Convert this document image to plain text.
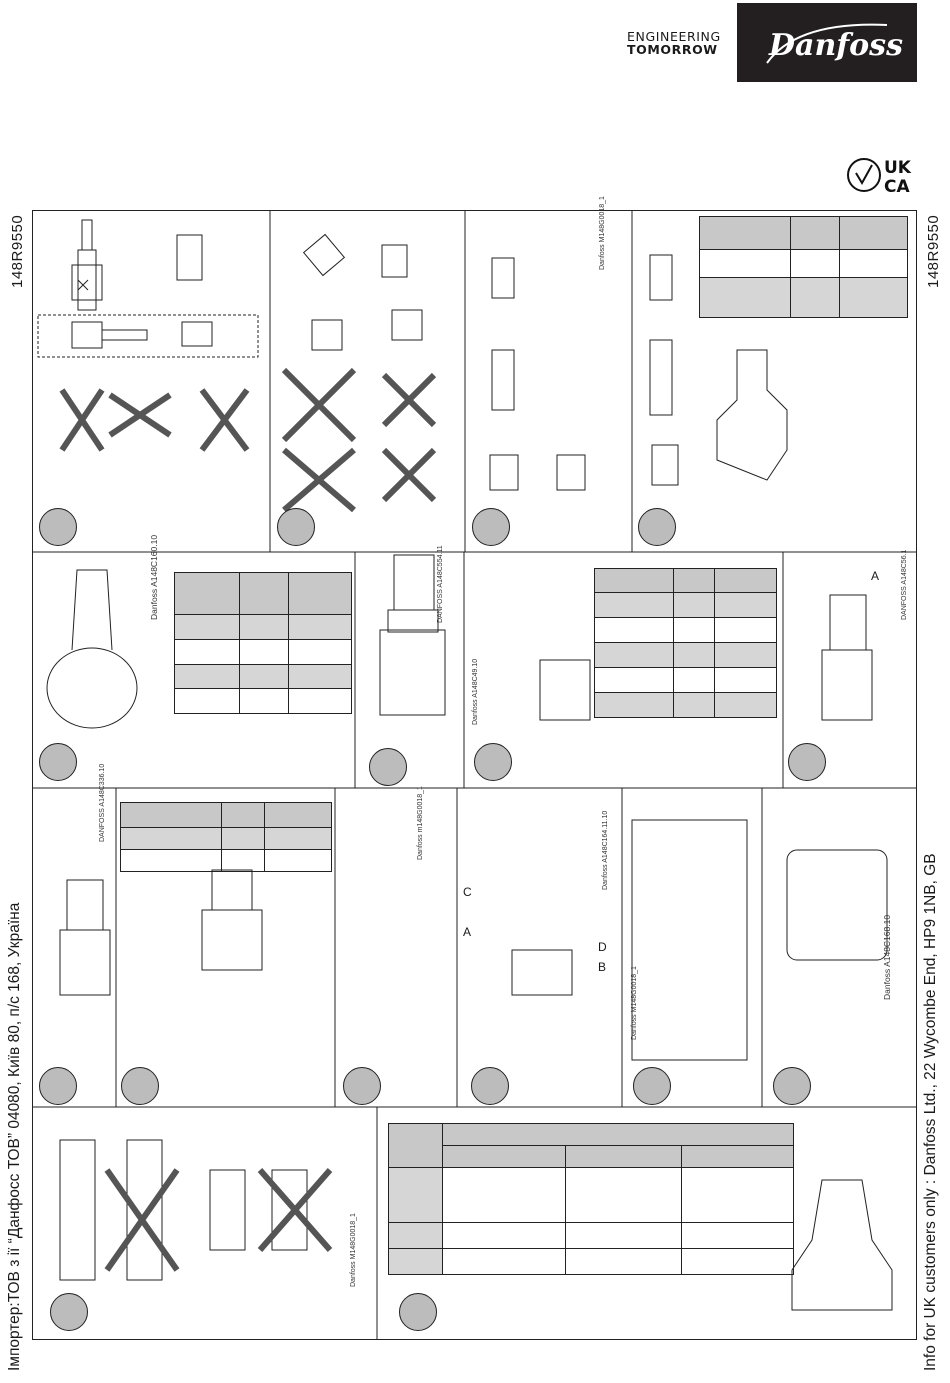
ENGINEERING
TOMORROW Danfoss
UK
CA
148R9550	148R9550
Імпортер:ТОВ з ії “Данфосс ТОВ” 04080, Київ 80, п/с 168, Україна	Info for UK customers only : Danfoss Ltd., 22 Wycombe End, HP9 1NB, GB

Danfoss M148G0018_1
Danfoss A148C160.10	DANFOSS A148C554.11
Danfoss A148C49.10
DANFOSS A148C56.1
DANFOSS A148C336.10	Danfoss m148G0018_1
Danfoss A148C168.10
Danfoss A148C164.11.10
Danfoss M148G0018_1
Danfoss M148G0018_1
A
C
A
D
B
